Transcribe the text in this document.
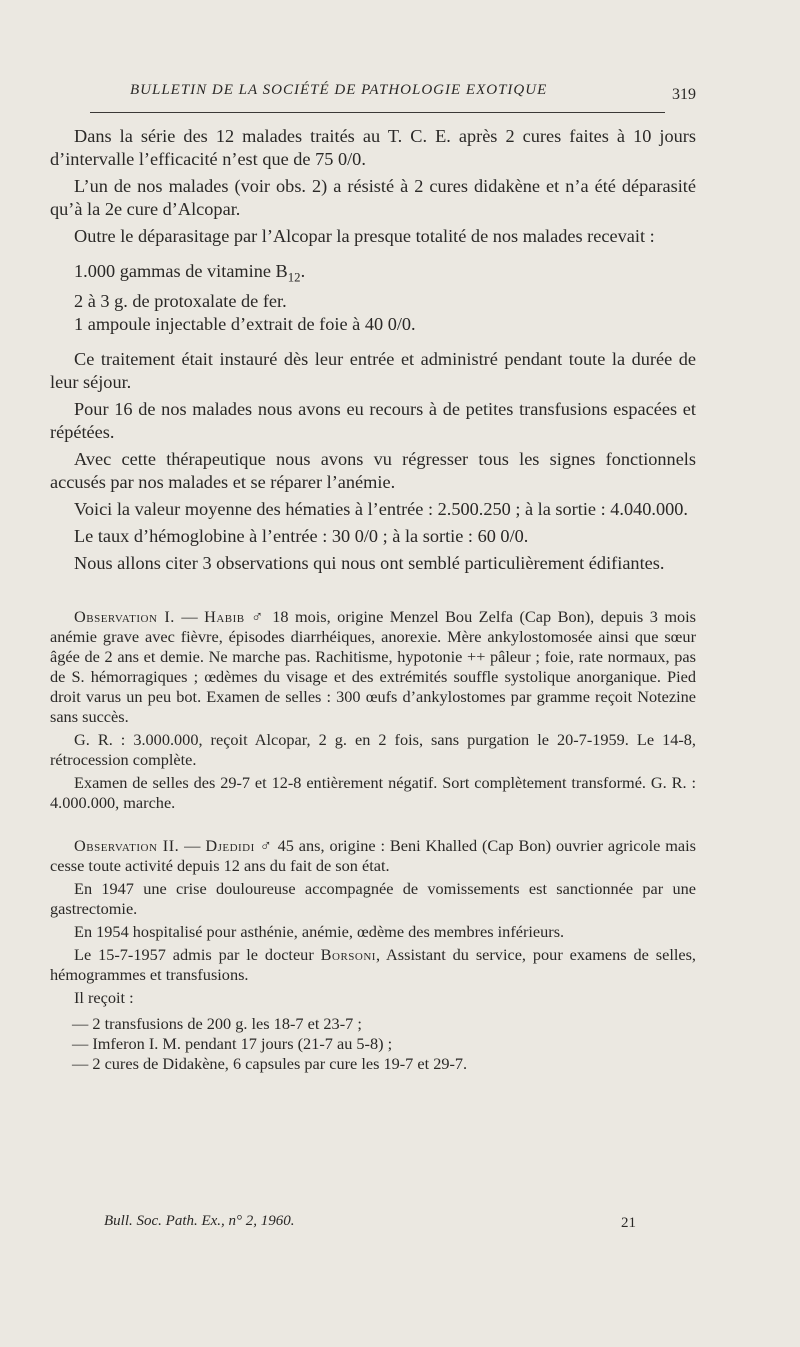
BULLETIN DE LA SOCIÉTÉ DE PATHOLOGIE EXOTIQUE	319

Dans la série des 12 malades traités au T. C. E. après 2 cures faites à 10 jours d’intervalle l’efficacité n’est que de 75 0/0.

L’un de nos malades (voir obs. 2) a résisté à 2 cures didakène et n’a été déparasité qu’à la 2e cure d’Alcopar.

Outre le déparasitage par l’Alcopar la presque totalité de nos malades recevait :

1.000 gammas de vitamine $B_{12}$.

2 à 3 g. de protoxalate de fer.

1 ampoule injectable d’extrait de foie à 40 0/0.

Ce traitement était instauré dès leur entrée et administré pendant toute la durée de leur séjour.

Pour 16 de nos malades nous avons eu recours à de petites transfusions espacées et répétées.

Avec cette thérapeutique nous avons vu régresser tous les signes fonctionnels accusés par nos malades et se réparer l’anémie.

Voici la valeur moyenne des hématies à l’entrée : 2.500.250 ; à la sortie : 4.040.000.

Le taux d’hémoglobine à l’entrée : 30 0/0 ; à la sortie : 60 0/0.

Nous allons citer 3 observations qui nous ont semblé particulièrement édifiantes.

Observation I. — Habib ♂ 18 mois, origine Menzel Bou Zelfa (Cap Bon), depuis 3 mois anémie grave avec fièvre, épisodes diarrhéiques, anorexie. Mère ankylostomosée ainsi que sœur âgée de 2 ans et demie. Ne marche pas. Rachitisme, hypotonie ++ pâleur ; foie, rate normaux, pas de S. hémorragiques ; œdèmes du visage et des extrémités souffle systolique anorganique. Pied droit varus un peu bot. Examen de selles : 300 œufs d’ankylostomes par gramme reçoit Notezine sans succès.

G. R. : 3.000.000, reçoit Alcopar, 2 g. en 2 fois, sans purgation le 20-7-1959. Le 14-8, rétrocession complète.

Examen de selles des 29-7 et 12-8 entièrement négatif. Sort complètement transformé. G. R. : 4.000.000, marche.

Observation II. — Djedidi ♂ 45 ans, origine : Beni Khalled (Cap Bon) ouvrier agricole mais cesse toute activité depuis 12 ans du fait de son état.

En 1947 une crise douloureuse accompagnée de vomissements est sanctionnée par une gastrectomie.

En 1954 hospitalisé pour asthénie, anémie, œdème des membres inférieurs.

Le 15-7-1957 admis par le docteur Borsoni, Assistant du service, pour examens de selles, hémogrammes et transfusions.

Il reçoit :

— 2 transfusions de 200 g. les 18-7 et 23-7 ;

— Imferon I. M. pendant 17 jours (21-7 au 5-8) ;

— 2 cures de Didakène, 6 capsules par cure les 19-7 et 29-7.

Bull. Soc. Path. Ex., n° 2, 1960.	21
